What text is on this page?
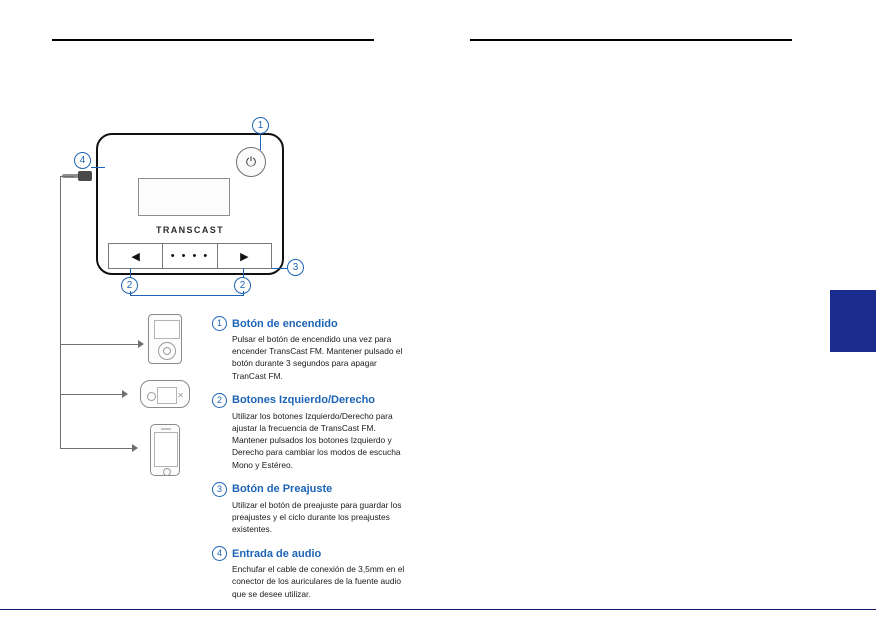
TRANSCAST
⏻
◀	• • • •	▶
1
4
3
2	2
✕
1 Botón de encendido
Pulsar el botón de encendido una vez para encender TransCast FM. Mantener pulsado el botón durante 3 segundos para apagar TranCast FM.
2 Botones Izquierdo/Derecho
Utilizar los botones Izquierdo/Derecho para ajustar la frecuencia de TransCast FM. Mantener pulsados los botones Izquierdo y Derecho para cambiar los modos de escucha Mono y Estéreo.
3 Botón de Preajuste
Utilizar el botón de preajuste para guardar los preajustes y el ciclo durante los preajustes existentes.
4 Entrada de audio
Enchufar el cable de conexión de 3,5mm en el conector de los auriculares de la fuente audio que se desee utilizar.
